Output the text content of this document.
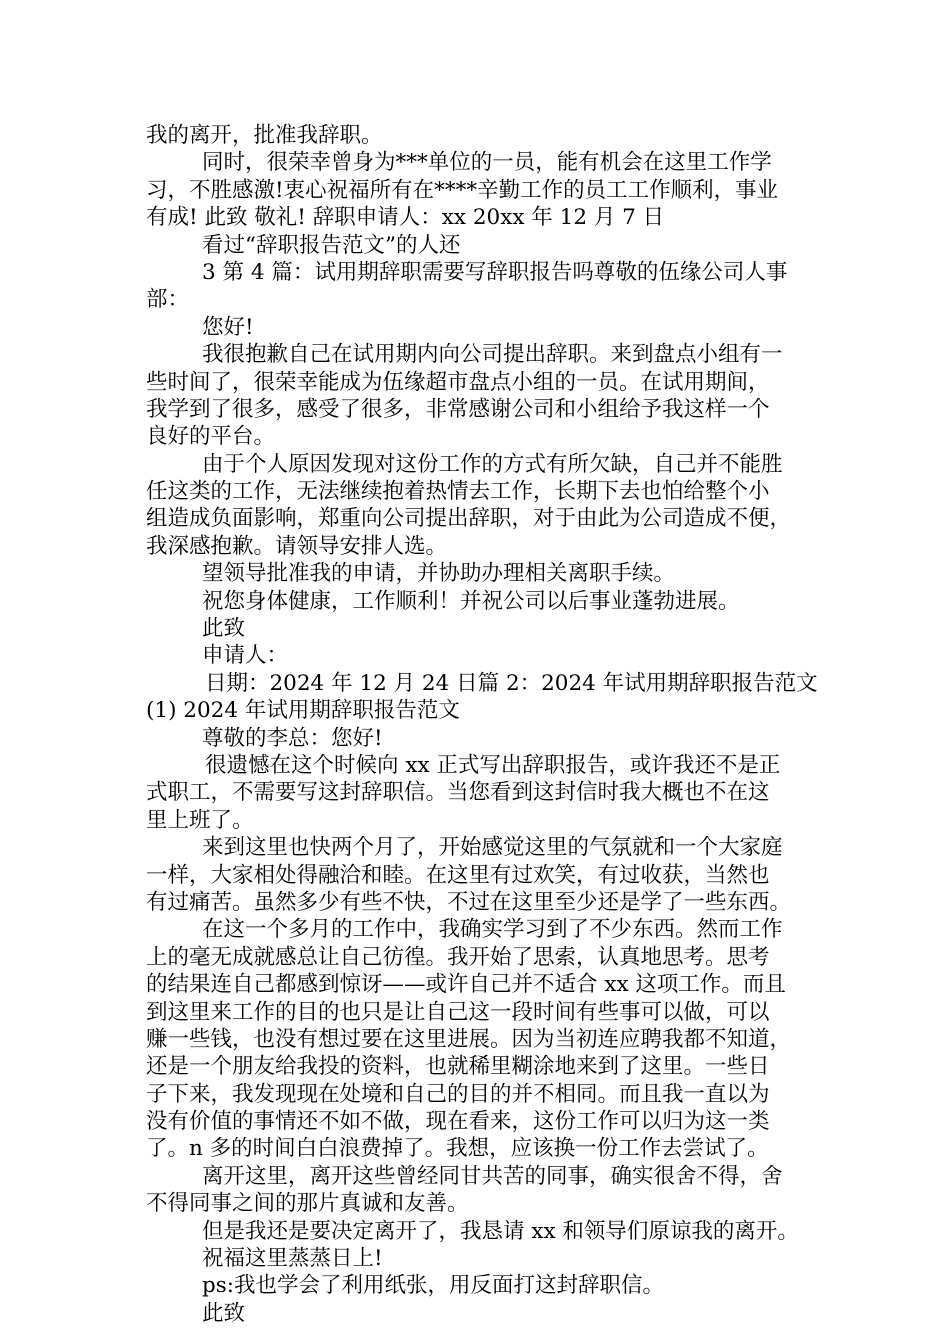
我的离开，批准我辞职。
同时，很荣幸曾身为***单位的一员，能有机会在这里工作学
习，不胜感激!衷心祝福所有在****辛勤工作的员工工作顺利，事业
有成! 此致 敬礼! 辞职申请人：xx 20xx 年 12 月 7 日
看过“辞职报告范文”的人还
3 第 4 篇：试用期辞职需要写辞职报告吗尊敬的伍缘公司人事
部：
您好!
我很抱歉自己在试用期内向公司提出辞职。来到盘点小组有一
些时间了，很荣幸能成为伍缘超市盘点小组的一员。在试用期间，
我学到了很多，感受了很多，非常感谢公司和小组给予我这样一个
良好的平台。
由于个人原因发现对这份工作的方式有所欠缺，自己并不能胜
任这类的工作，无法继续抱着热情去工作，长期下去也怕给整个小
组造成负面影响，郑重向公司提出辞职，对于由此为公司造成不便，
我深感抱歉。请领导安排人选。
望领导批准我的申请，并协助办理相关离职手续。
祝您身体健康，工作顺利！并祝公司以后事业蓬勃进展。
此致
申请人：
日期：2024 年 12 月 24 日篇 2：2024 年试用期辞职报告范文
(1) 2024 年试用期辞职报告范文
尊敬的李总：您好!
很遗憾在这个时候向 xx 正式写出辞职报告，或许我还不是正
式职工，不需要写这封辞职信。当您看到这封信时我大概也不在这
里上班了。
来到这里也快两个月了，开始感觉这里的气氛就和一个大家庭
一样，大家相处得融洽和睦。在这里有过欢笑，有过收获，当然也
有过痛苦。虽然多少有些不快，不过在这里至少还是学了一些东西。
在这一个多月的工作中，我确实学习到了不少东西。然而工作
上的毫无成就感总让自己彷徨。我开始了思索，认真地思考。思考
的结果连自己都感到惊讶——或许自己并不适合 xx 这项工作。而且
到这里来工作的目的也只是让自己这一段时间有些事可以做，可以
赚一些钱，也没有想过要在这里进展。因为当初连应聘我都不知道，
还是一个朋友给我投的资料，也就稀里糊涂地来到了这里。一些日
子下来，我发现现在处境和自己的目的并不相同。而且我一直以为
没有价值的事情还不如不做，现在看来，这份工作可以归为这一类
了。n 多的时间白白浪费掉了。我想，应该换一份工作去尝试了。
离开这里，离开这些曾经同甘共苦的同事，确实很舍不得，舍
不得同事之间的那片真诚和友善。
但是我还是要决定离开了，我恳请 xx 和领导们原谅我的离开。
祝福这里蒸蒸日上!
ps:我也学会了利用纸张，用反面打这封辞职信。
此致
